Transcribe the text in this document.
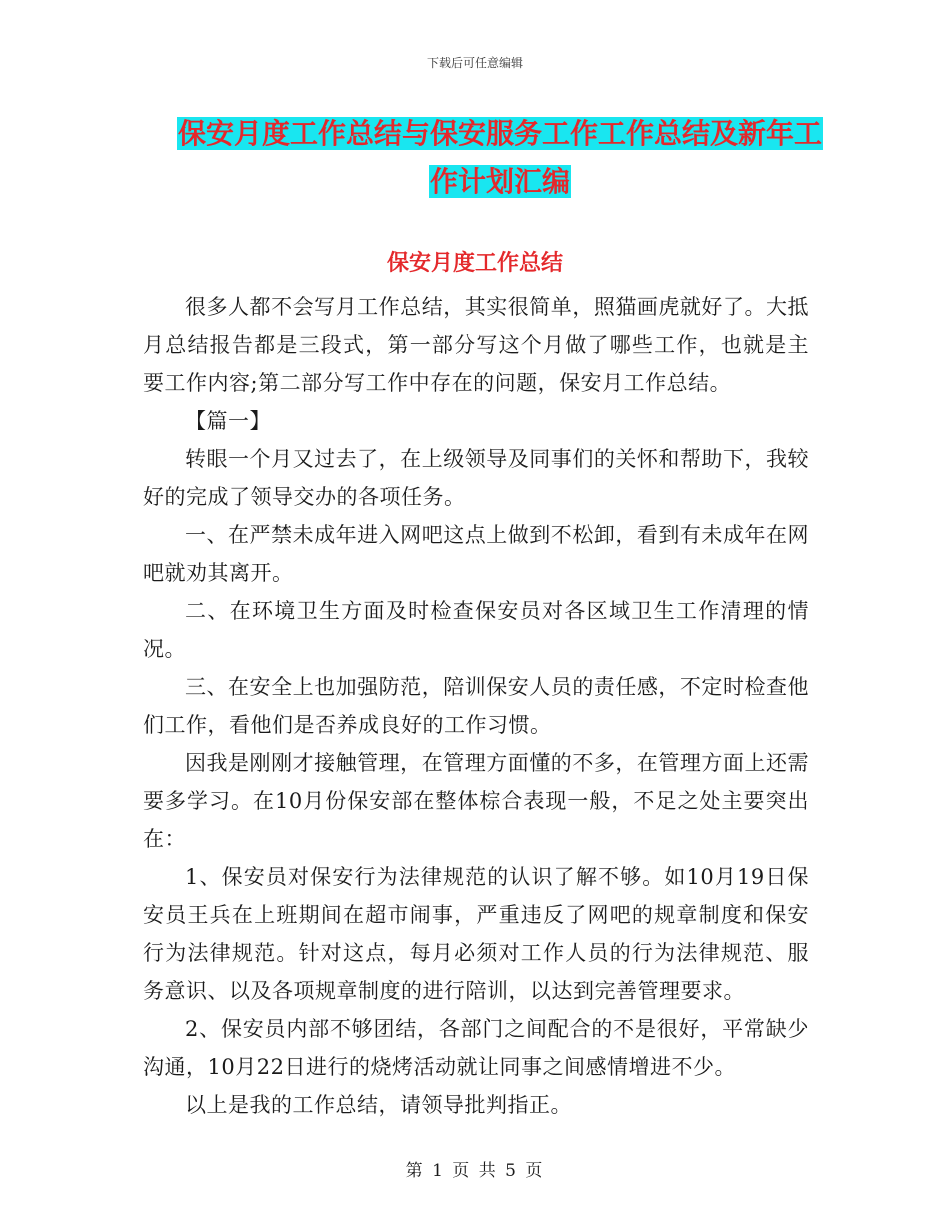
下载后可任意编辑
保安月度工作总结与保安服务工作工作总结及新年工
作计划汇编
保安月度工作总结

很多人都不会写月工作总结，其实很简单，照猫画虎就好了。大抵月总结报告都是三段式，第一部分写这个月做了哪些工作，也就是主要工作内容;第二部分写工作中存在的问题，保安月工作总结。

【篇一】

转眼一个月又过去了，在上级领导及同事们的关怀和帮助下，我较好的完成了领导交办的各项任务。

一、在严禁未成年进入网吧这点上做到不松卸，看到有未成年在网吧就劝其离开。

二、在环境卫生方面及时检查保安员对各区域卫生工作清理的情况。

三、在安全上也加强防范，陪训保安人员的责任感，不定时检查他们工作，看他们是否养成良好的工作习惯。

因我是刚刚才接触管理，在管理方面懂的不多，在管理方面上还需要多学习。在10月份保安部在整体棕合表现一般，不足之处主要突出在：

1、保安员对保安行为法律规范的认识了解不够。如10月19日保安员王兵在上班期间在超市闹事，严重违反了网吧的规章制度和保安行为法律规范。针对这点，每月必须对工作人员的行为法律规范、服务意识、以及各项规章制度的进行陪训，以达到完善管理要求。

2、保安员内部不够团结，各部门之间配合的不是很好，平常缺少沟通，10月22日进行的烧烤活动就让同事之间感情增进不少。

以上是我的工作总结，请领导批判指正。

第 1 页 共 5 页
